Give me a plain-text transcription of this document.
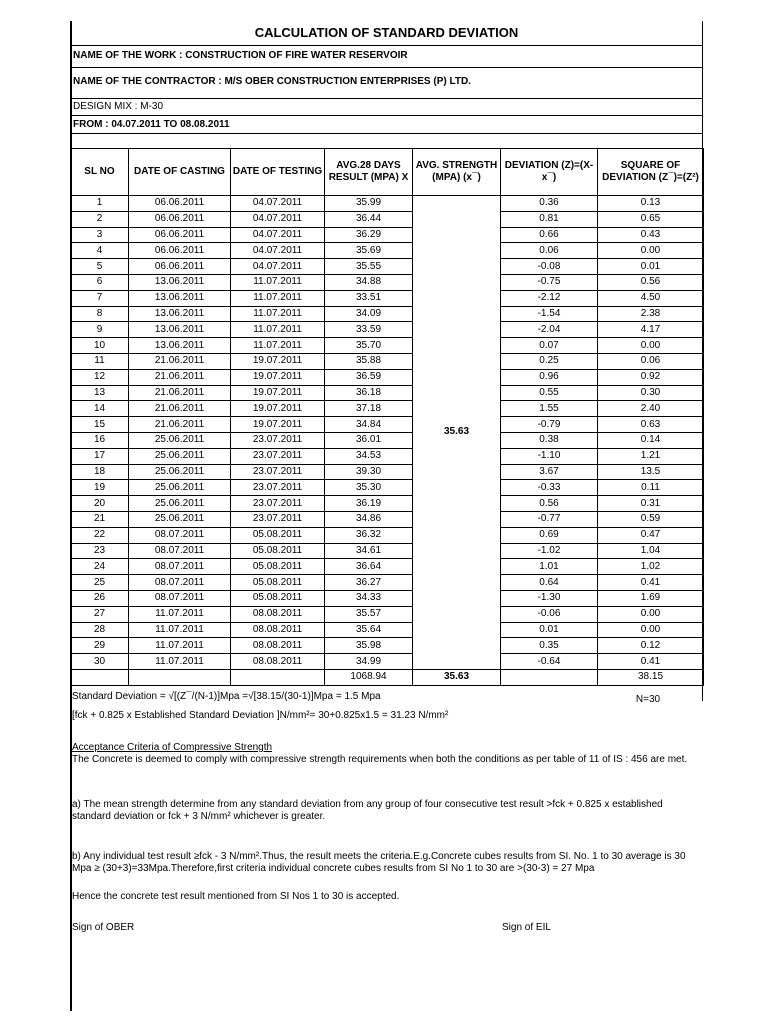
CALCULATION OF STANDARD DEVIATION
NAME OF THE WORK : CONSTRUCTION OF FIRE WATER RESERVOIR
NAME OF THE CONTRACTOR : M/S OBER CONSTRUCTION ENTERPRISES (P) LTD.
DESIGN MIX : M-30
FROM : 04.07.2011 TO 08.08.2011
SL NO	DATE OF CASTING	DATE OF TESTING	AVG.28 DAYS RESULT (MPA) X	AVG. STRENGTH (MPA) (x¯)	DEVIATION (Z)=(X-x¯)	SQUARE OF DEVIATION (Z¯)=(Z²)
1	06.06.2011	04.07.2011	35.99	35.63	0.36	0.13
2	06.06.2011	04.07.2011	36.44		0.81	0.65
3	06.06.2011	04.07.2011	36.29		0.66	0.43
4	06.06.2011	04.07.2011	35.69		0.06	0.00
5	06.06.2011	04.07.2011	35.55		-0.08	0.01
6	13.06.2011	11.07.2011	34.88		-0.75	0.56
7	13.06.2011	11.07.2011	33.51		-2.12	4.50
8	13.06.2011	11.07.2011	34.09		-1.54	2.38
9	13.06.2011	11.07.2011	33.59		-2.04	4.17
10	13.06.2011	11.07.2011	35.70		0.07	0.00
11	21.06.2011	19.07.2011	35.88		0.25	0.06
12	21.06.2011	19.07.2011	36.59		0.96	0.92
13	21.06.2011	19.07.2011	36.18		0.55	0.30
14	21.06.2011	19.07.2011	37.18		1.55	2.40
15	21.06.2011	19.07.2011	34.84		-0.79	0.63
16	25.06.2011	23.07.2011	36.01		0.38	0.14
17	25.06.2011	23.07.2011	34.53		-1.10	1.21
18	25.06.2011	23.07.2011	39.30		3.67	13.5
19	25.06.2011	23.07.2011	35.30		-0.33	0.11
20	25.06.2011	23.07.2011	36.19		0.56	0.31
21	25.06.2011	23.07.2011	34.86		-0.77	0.59
22	08.07.2011	05.08.2011	36.32		0.69	0.47
23	08.07.2011	05.08.2011	34.61		-1.02	1.04
24	08.07.2011	05.08.2011	36.64		1.01	1.02
25	08.07.2011	05.08.2011	36.27		0.64	0.41
26	08.07.2011	05.08.2011	34.33		-1.30	1.69
27	11.07.2011	08.08.2011	35.57		-0.06	0.00
28	11.07.2011	08.08.2011	35.64		0.01	0.00
29	11.07.2011	08.08.2011	35.98		0.35	0.12
30	11.07.2011	08.08.2011	34.99		-0.64	0.41
			1068.94	35.63		38.15
Standard Deviation = √[(Z¯/(N-1)]Mpa =√[38.15/(30-1)]Mpa = 1.5 Mpa	N=30
[fck + 0.825 x Established Standard Deviation ]N/mm²= 30+0.825x1.5 = 31.23 N/mm²
Acceptance Criteria of Compressive Strength
The Concrete is deemed to comply with compressive strength requirements when both the conditions as per table of 11 of IS : 456 are met.
a) The mean strength determine from any standard deviation from any group of four consecutive test result >fck + 0.825 x established standard deviation or fck + 3 N/mm² whichever is greater.
b) Any individual test result ≥fck - 3 N/mm².Thus, the result meets the criteria.E.g.Concrete cubes results from SI. No. 1 to 30 average is 30 Mpa ≥ (30+3)=33Mpa.Therefore,first criteria individual concrete cubes results from SI No 1 to 30 are >(30-3) = 27 Mpa
Hence the concrete test result mentioned from SI Nos 1 to 30 is accepted.
Sign of OBER	Sign of EIL
